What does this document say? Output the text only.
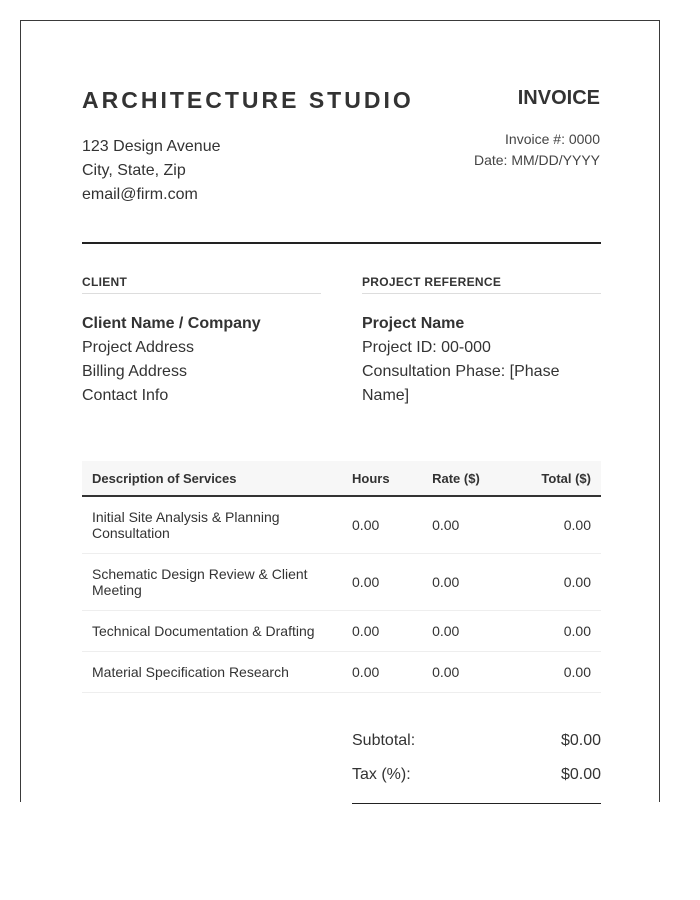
ARCHITECTURE STUDIO
123 Design Avenue
City, State, Zip
email@firm.com
INVOICE
Invoice #: 0000
Date: MM/DD/YYYY
CLIENT
Client Name / Company
Project Address
Billing Address
Contact Info
PROJECT REFERENCE
Project Name
Project ID: 00-000
Consultation Phase: [Phase Name]
Description of Services	Hours	Rate ($)	Total ($)
Initial Site Analysis & Planning Consultation	0.00	0.00	0.00
Schematic Design Review & Client Meeting	0.00	0.00	0.00
Technical Documentation & Drafting	0.00	0.00	0.00
Material Specification Research	0.00	0.00	0.00
Subtotal:	$0.00
Tax (%):	$0.00
